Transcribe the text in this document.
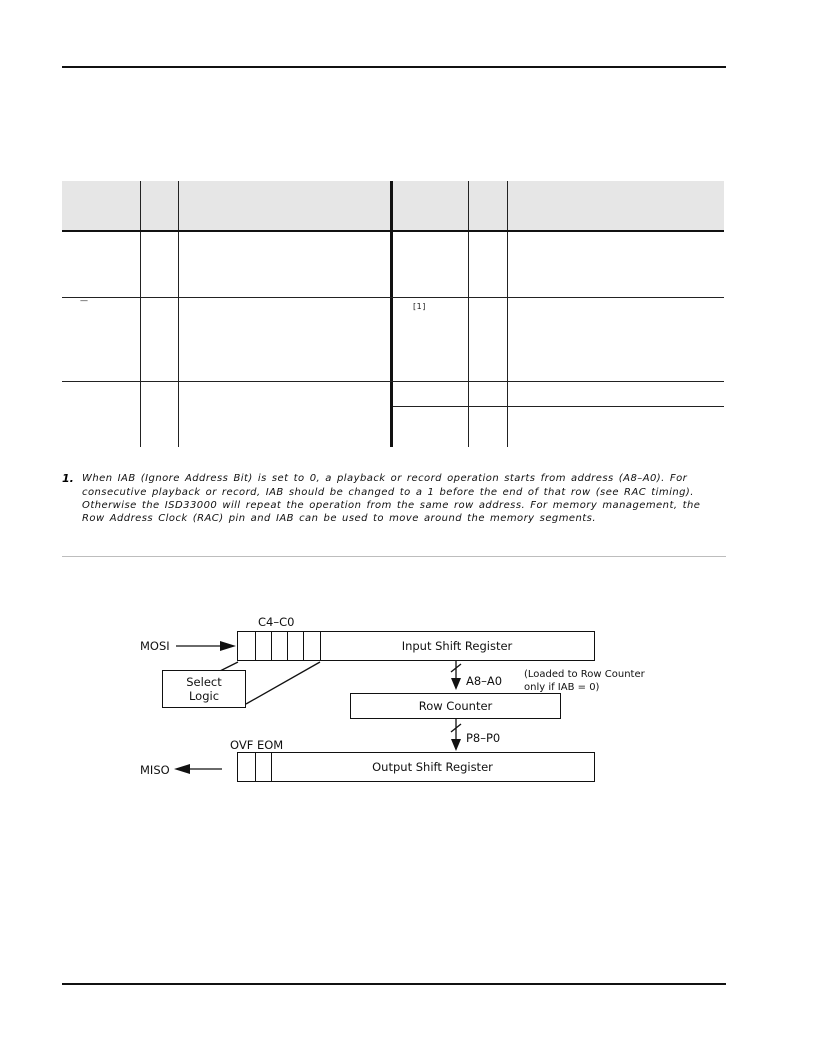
—
[1]
1. When IAB (Ignore Address Bit) is set to 0, a playback or record operation starts from address (A8–A0). For
consecutive playback or record, IAB should be changed to a 1 before the end of that row (see RAC timing).
Otherwise the ISD33000 will repeat the operation from the same row address. For memory management, the
Row Address Clock (RAC) pin and IAB can be used to move around the memory segments.
MOSI
MISO
C4–C0
Input Shift Register
Select
Logic
A8–A0 (Loaded to Row Counter
only if IAB = 0)
Row Counter
P8–P0
OVF EOM
Output Shift Register
